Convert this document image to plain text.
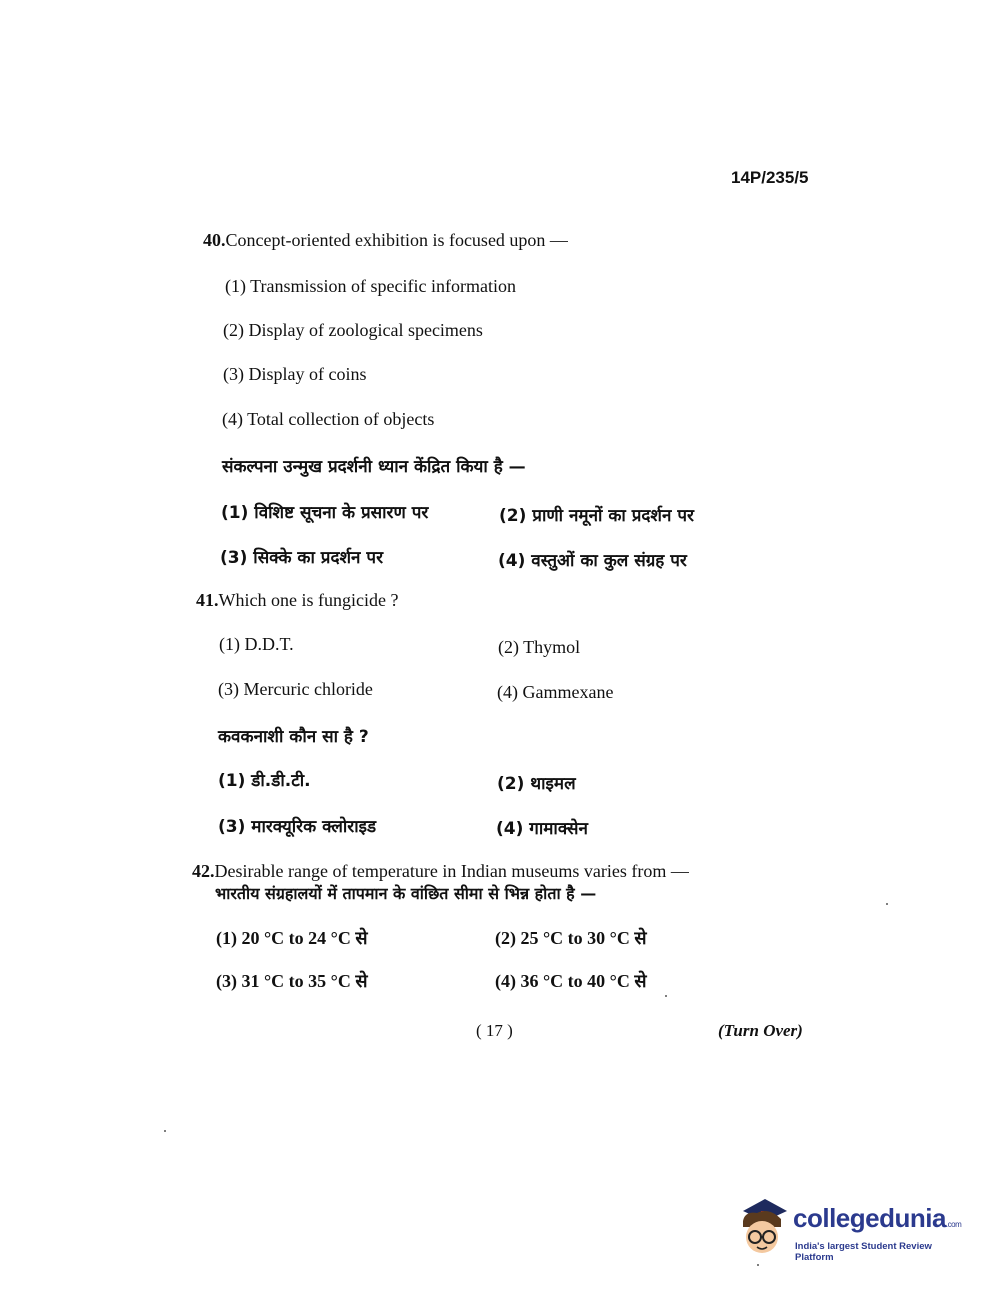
14P/235/5
40.Concept-oriented exhibition is focused upon —
(1) Transmission of specific information
(2) Display of zoological specimens
(3) Display of coins
(4) Total collection of objects
संकल्पना उन्मुख प्रदर्शनी ध्यान केंद्रित किया है —
(1) विशिष्ट सूचना के प्रसारण पर	(2) प्राणी नमूनों का प्रदर्शन पर
(3) सिक्के का प्रदर्शन पर	(4) वस्तुओं का कुल संग्रह पर
41.Which one is fungicide ?
(1) D.D.T.	(2) Thymol
(3) Mercuric chloride	(4) Gammexane
कवकनाशी कौन सा है ?
(1) डी.डी.टी.	(2) थाइमल
(3) मारक्यूरिक क्लोराइड	(4) गामाक्सेन
42.Desirable range of temperature in Indian museums varies from —
भारतीय संग्रहालयों में तापमान के वांछित सीमा से भिन्न होता है —
(1) 20 °C to 24 °C से	(2) 25 °C to 30 °C से
(3) 31 °C to 35 °C से	(4) 36 °C to 40 °C से
( 17 )	(Turn Over)
collegedunia.com
India's largest Student Review Platform
